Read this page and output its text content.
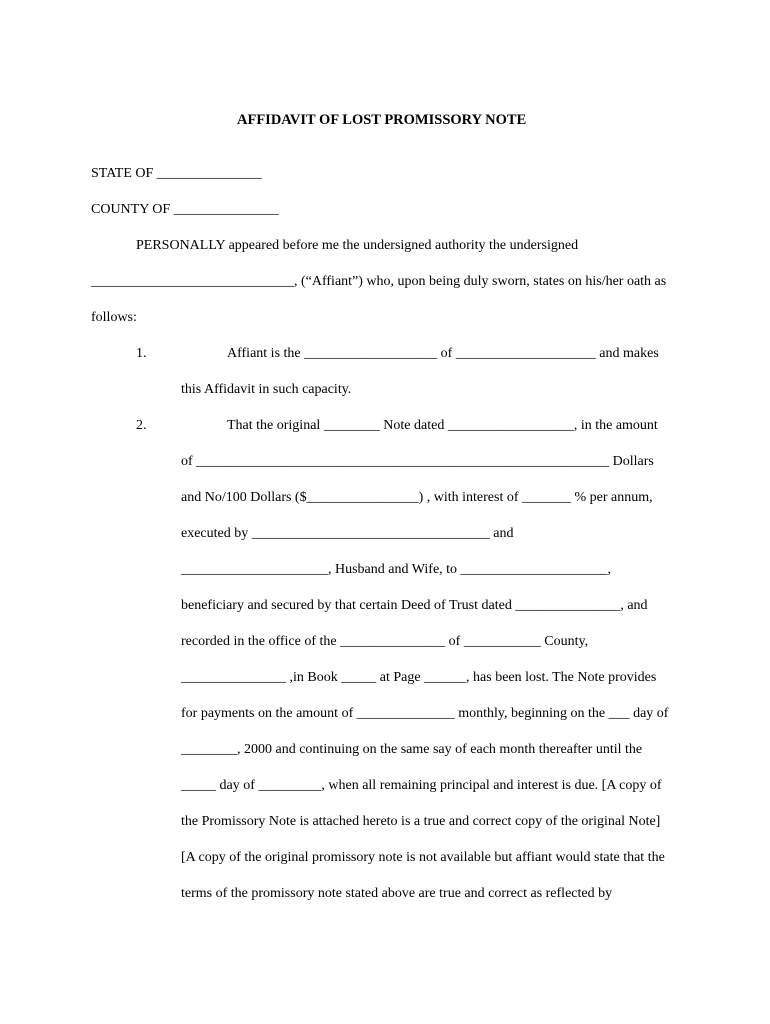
AFFIDAVIT OF LOST PROMISSORY NOTE
STATE OF _______________
COUNTY OF _______________
PERSONALLY appeared before me the undersigned authority the undersigned
_____________________________, (“Affiant”) who, upon being duly sworn, states on his/her oath as
follows:
1.	Affiant is the ___________________ of ____________________ and makes
this Affidavit in such capacity.
2.	That the original ________ Note dated __________________, in the amount
of ___________________________________________________________ Dollars
and No/100 Dollars ($________________) , with interest of _______ % per annum,
executed by __________________________________ and
_____________________, Husband and Wife, to _____________________,
beneficiary and secured by that certain Deed of Trust dated _______________, and
recorded in the office of the _______________ of ___________ County,
_______________ ,in Book _____ at Page ______, has been lost. The Note provides
for payments on the amount of ______________ monthly, beginning on the ___ day of
________, 2000 and continuing on the same say of each month thereafter until the
_____ day of _________, when all remaining principal and interest is due. [A copy of
the Promissory Note is attached hereto is a true and correct copy of the original Note]
[A copy of the original promissory note is not available but affiant would state that the
terms of the promissory note stated above are true and correct as reflected by
